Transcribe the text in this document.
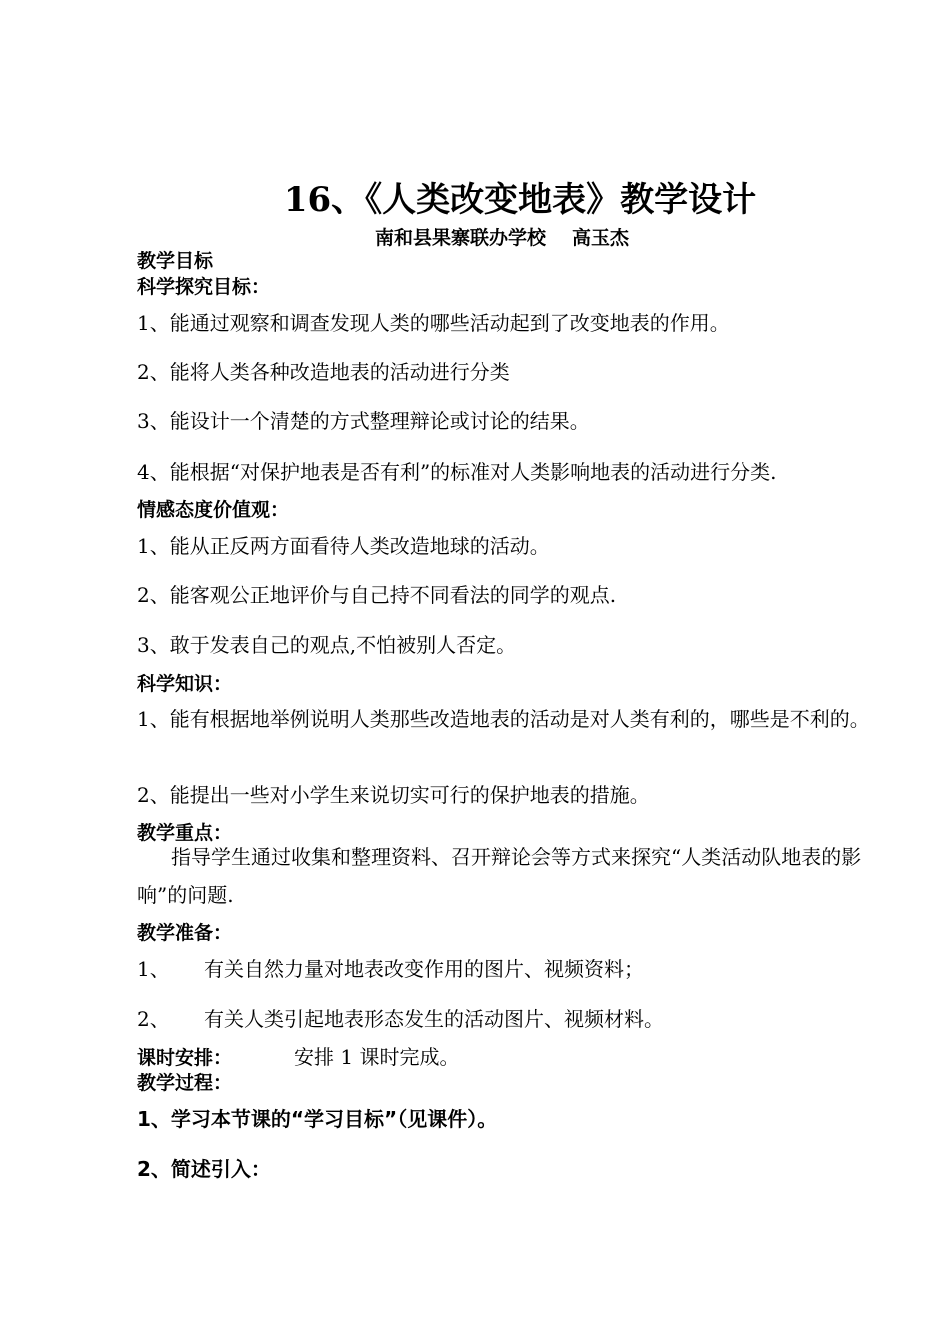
16、《人类改变地表》教学设计
南和县果寨联办学校 高玉杰
教学目标
科学探究目标：
1、能通过观察和调查发现人类的哪些活动起到了改变地表的作用。
2、能将人类各种改造地表的活动进行分类
3、能设计一个清楚的方式整理辩论或讨论的结果。
4、能根据“对保护地表是否有利”的标准对人类影响地表的活动进行分类.
情感态度价值观：
1、能从正反两方面看待人类改造地球的活动。
2、能客观公正地评价与自己持不同看法的同学的观点.
3、敢于发表自己的观点,不怕被别人否定。
科学知识：
1、能有根据地举例说明人类那些改造地表的活动是对人类有利的，哪些是不利的。
2、能提出一些对小学生来说切实可行的保护地表的措施。
教学重点：
指导学生通过收集和整理资料、召开辩论会等方式来探究“人类活动队地表的影响”的问题.
教学准备：
1、 有关自然力量对地表改变作用的图片、视频资料；
2、 有关人类引起地表形态发生的活动图片、视频材料。
课时安排：	安排 1 课时完成。
教学过程：
1、学习本节课的“学习目标”（见课件）。
2、简述引入：
